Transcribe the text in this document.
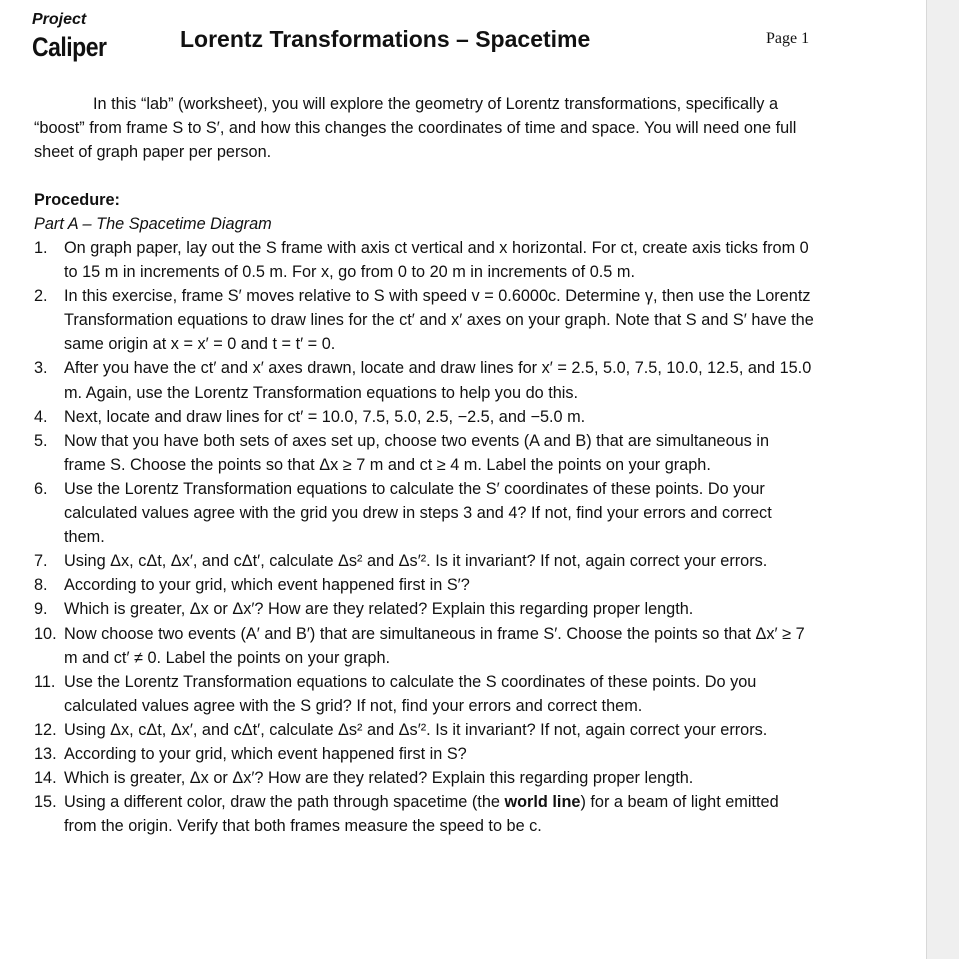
Project
Caliper	Lorentz Transformations – Spacetime	Page 1

In this “lab” (worksheet), you will explore the geometry of Lorentz transformations, specifically a “boost” from frame S to S′, and how this changes the coordinates of time and space. You will need one full sheet of graph paper per person.

Procedure:
Part A – The Spacetime Diagram
1.	On graph paper, lay out the S frame with axis ct vertical and x horizontal. For ct, create axis ticks from 0 to 15 m in increments of 0.5 m. For x, go from 0 to 20 m in increments of 0.5 m.
2.	In this exercise, frame S′ moves relative to S with speed v = 0.6000c. Determine γ, then use the Lorentz Transformation equations to draw lines for the ct′ and x′ axes on your graph. Note that S and S′ have the same origin at x = x′ = 0 and t = t′ = 0.
3.	After you have the ct′ and x′ axes drawn, locate and draw lines for x′ = 2.5, 5.0, 7.5, 10.0, 12.5, and 15.0 m. Again, use the Lorentz Transformation equations to help you do this.
4.	Next, locate and draw lines for ct′ = 10.0, 7.5, 5.0, 2.5, −2.5, and −5.0 m.
5.	Now that you have both sets of axes set up, choose two events (A and B) that are simultaneous in frame S. Choose the points so that Δx ≥ 7 m and ct ≥ 4 m. Label the points on your graph.
6.	Use the Lorentz Transformation equations to calculate the S′ coordinates of these points. Do your calculated values agree with the grid you drew in steps 3 and 4? If not, find your errors and correct them.
7.	Using Δx, cΔt, Δx′, and cΔt′, calculate Δs² and Δs′². Is it invariant? If not, again correct your errors.
8.	According to your grid, which event happened first in S′?
9.	Which is greater, Δx or Δx′? How are they related? Explain this regarding proper length.
10. Now choose two events (A′ and B′) that are simultaneous in frame S′. Choose the points so that Δx′ ≥ 7 m and ct′ ≠ 0. Label the points on your graph.
11. Use the Lorentz Transformation equations to calculate the S coordinates of these points. Do you calculated values agree with the S grid? If not, find your errors and correct them.
12. Using Δx, cΔt, Δx′, and cΔt′, calculate Δs² and Δs′². Is it invariant? If not, again correct your errors.
13. According to your grid, which event happened first in S?
14. Which is greater, Δx or Δx′? How are they related? Explain this regarding proper length.
15. Using a different color, draw the path through spacetime (the world line) for a beam of light emitted from the origin. Verify that both frames measure the speed to be c.
